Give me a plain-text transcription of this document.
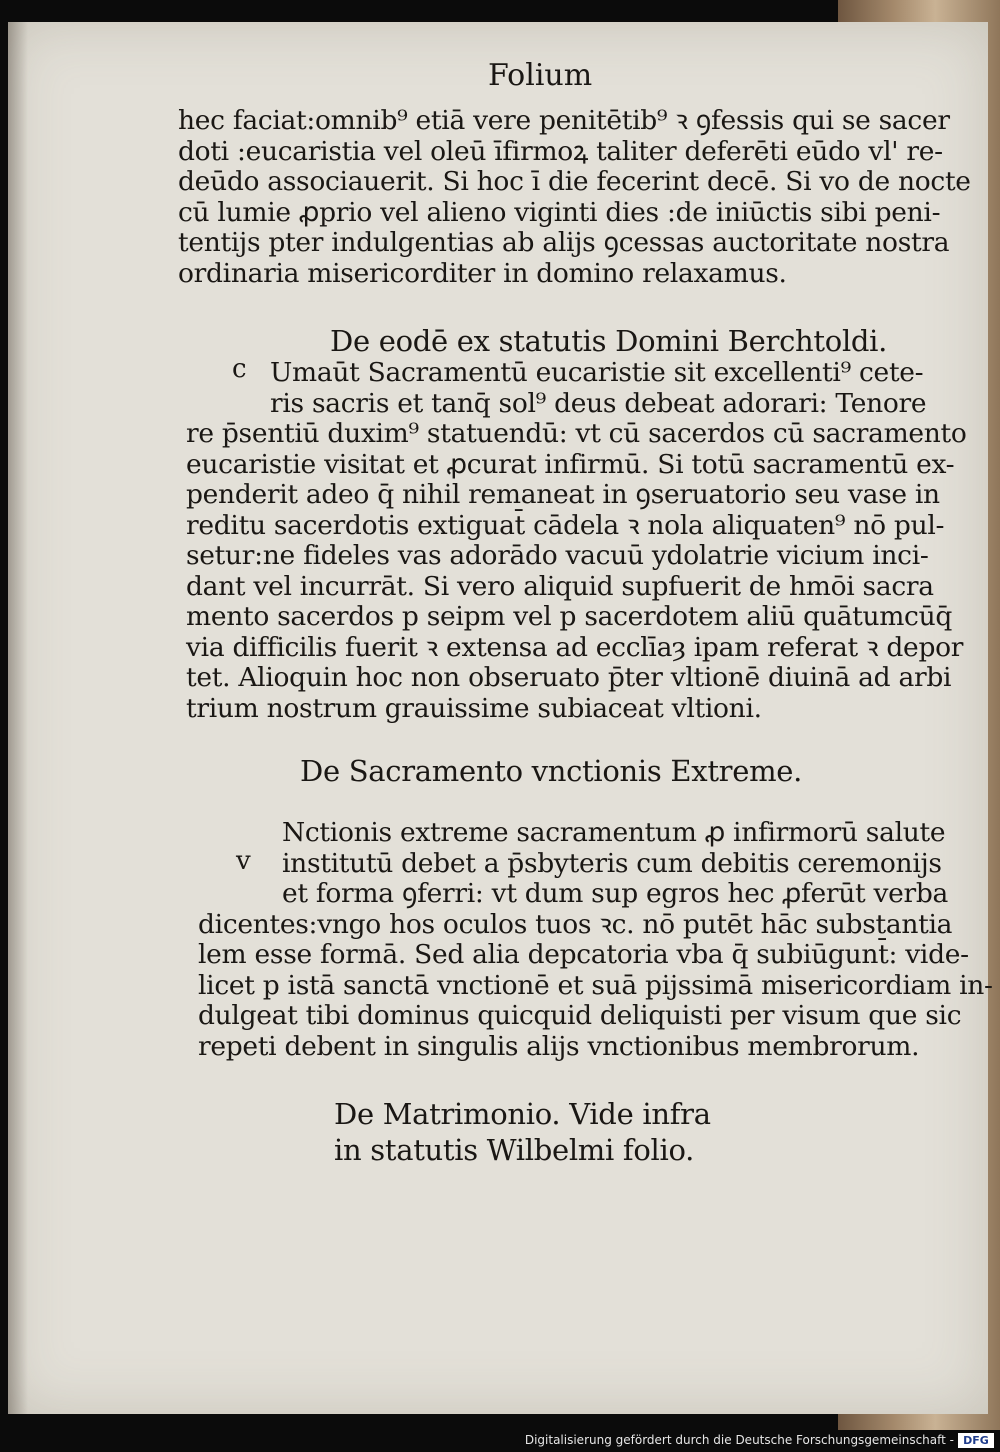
Folium
hec faciat:omnib⁹ etiā vere penitētib⁹ ꝛ ꝯfessis qui se sacer
doti :eucaristia vel oleū īfirmoꝝ taliter deferēti eūdo vl' re-
deūdo associauerit. Si hoc ī die fecerint decē. Si vo de nocte
cū lumie ꝓprio vel alieno viginti dies :de iniūctis sibi peni-
tentijs pter indulgentias ab alijs ꝯcessas auctoritate nostra
ordinaria misericorditer in domino relaxamus.
De eodē ex statutis Domini Berchtoldi.
c Umaūt Sacramentū eucaristie sit excellenti⁹ cete-
ris sacris et tanq̄ sol⁹ deus debeat adorari: Tenore
re p̄sentiū duxim⁹ statuendū: vt cū sacerdos cū sacramento
eucaristie visitat et ꝓcurat infirmū. Si totū sacramentū ex-
penderit adeo q̄ nihil remaneat in ꝯseruatorio seu vase in
reditu sacerdotis extiguat̄ cādela ꝛ nola aliquaten⁹ nō pul-
setur:ne fideles vas adorādo vacuū ydolatrie vicium inci-
dant vel incurrāt. Si vero aliquid supfuerit de hmōi sacra
mento sacerdos p seipm vel p sacerdotem aliū quātumcūq̄
via difficilis fuerit ꝛ extensa ad ecclīaȝ ipam referat ꝛ depor
tet. Alioquin hoc non obseruato p̄ter vltionē diuinā ad arbi
trium nostrum grauissime subiaceat vltioni.
De Sacramento vnctionis Extreme.
v
Nctionis extreme sacramentum ꝓ infirmorū salute
institutū debet a p̄sbyteris cum debitis ceremonijs
et forma ꝯferri: vt dum sup egros hec ꝓferūt verba
dicentes:vngo hos oculos tuos ꝛc. nō putēt hāc substantia
lem esse formā. Sed alia depcatoria vba q̄ subiūgunt̄: vide-
licet p istā sanctā vnctionē et suā pijssimā misericordiam in-
dulgeat tibi dominus quicquid deliquisti per visum que sic
repeti debent in singulis alijs vnctionibus membrorum.
De Matrimonio. Vide infra
in statutis Wilbelmi folio.
Digitalisierung gefördert durch die Deutsche Forschungsgemeinschaft - DFG
